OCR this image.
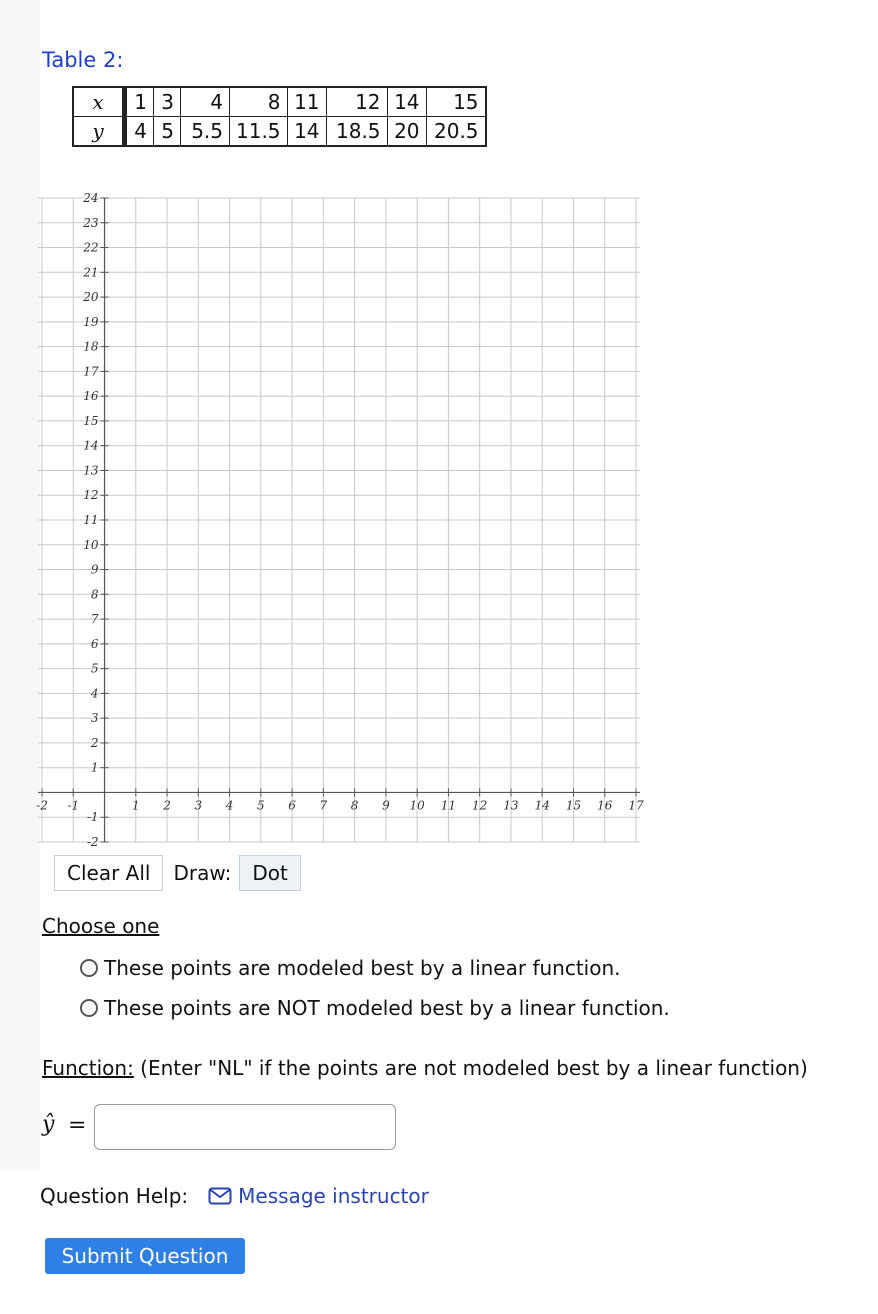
Table 2:
x	1	3	4	8	11	12	14	15
y	4	5	5.5	11.5	14	18.5	20	20.5
-2 -1	1 2 3 4 5 6 7 8 9 10 11 12 13 14 15 16 17
-2
-1
1
2
3
4
5
6
7
8
9
10
11
12
13
14
15
16
17
18
19
20
21
22
23
24
Clear All	Draw:	Dot
Choose one
These points are modeled best by a linear function.
These points are NOT modeled best by a linear function.
Function: (Enter "NL" if the points are not modeled best by a linear function)
ŷ =
Question Help:	Message instructor
Submit Question
